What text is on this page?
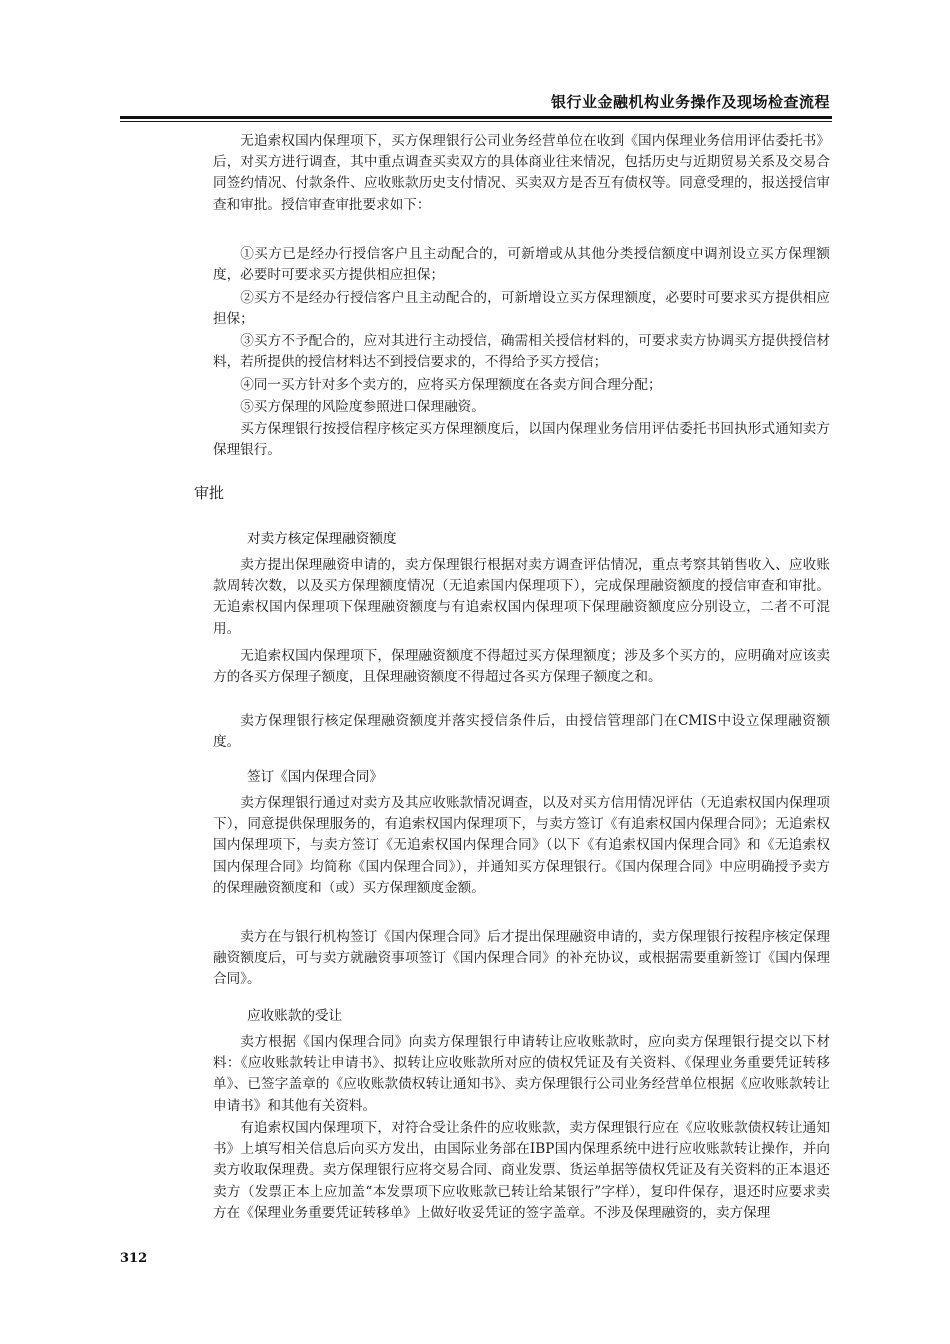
银行业金融机构业务操作及现场检查流程

无追索权国内保理项下，买方保理银行公司业务经营单位在收到《国内保理业务信用评估委托书》后，对买方进行调查，其中重点调查买卖双方的具体商业往来情况，包括历史与近期贸易关系及交易合同签约情况、付款条件、应收账款历史支付情况、买卖双方是否互有债权等。同意受理的，报送授信审查和审批。授信审查审批要求如下：

①买方已是经办行授信客户且主动配合的，可新增或从其他分类授信额度中调剂设立买方保理额度，必要时可要求买方提供相应担保；

②买方不是经办行授信客户且主动配合的，可新增设立买方保理额度，必要时可要求买方提供相应担保；

③买方不予配合的，应对其进行主动授信，确需相关授信材料的，可要求卖方协调买方提供授信材料，若所提供的授信材料达不到授信要求的，不得给予买方授信；

④同一买方针对多个卖方的，应将买方保理额度在各卖方间合理分配；

⑤买方保理的风险度参照进口保理融资。

买方保理银行按授信程序核定买方保理额度后，以国内保理业务信用评估委托书回执形式通知卖方保理银行。

审批
对卖方核定保理融资额度

卖方提出保理融资申请的，卖方保理银行根据对卖方调查评估情况，重点考察其销售收入、应收账款周转次数，以及买方保理额度情况（无追索国内保理项下），完成保理融资额度的授信审查和审批。无追索权国内保理项下保理融资额度与有追索权国内保理项下保理融资额度应分别设立，二者不可混用。

无追索权国内保理项下，保理融资额度不得超过买方保理额度；涉及多个买方的，应明确对应该卖方的各买方保理子额度，且保理融资额度不得超过各买方保理子额度之和。

卖方保理银行核定保理融资额度并落实授信条件后，由授信管理部门在CMIS中设立保理融资额度。

签订《国内保理合同》

卖方保理银行通过对卖方及其应收账款情况调查，以及对买方信用情况评估（无追索权国内保理项下），同意提供保理服务的，有追索权国内保理项下，与卖方签订《有追索权国内保理合同》；无追索权国内保理项下，与卖方签订《无追索权国内保理合同》（以下《有追索权国内保理合同》和《无追索权国内保理合同》均简称《国内保理合同》），并通知买方保理银行。《国内保理合同》中应明确授予卖方的保理融资额度和（或）买方保理额度金额。

卖方在与银行机构签订《国内保理合同》后才提出保理融资申请的，卖方保理银行按程序核定保理融资额度后，可与卖方就融资事项签订《国内保理合同》的补充协议，或根据需要重新签订《国内保理合同》。

应收账款的受让

卖方根据《国内保理合同》向卖方保理银行申请转让应收账款时，应向卖方保理银行提交以下材料：《应收账款转让申请书》、拟转让应收账款所对应的债权凭证及有关资料、《保理业务重要凭证转移单》、已签字盖章的《应收账款债权转让通知书》、卖方保理银行公司业务经营单位根据《应收账款转让申请书》和其他有关资料。

有追索权国内保理项下，对符合受让条件的应收账款，卖方保理银行应在《应收账款债权转让通知书》上填写相关信息后向买方发出，由国际业务部在IBP国内保理系统中进行应收账款转让操作，并向卖方收取保理费。卖方保理银行应将交易合同、商业发票、货运单据等债权凭证及有关资料的正本退还卖方（发票正本上应加盖“本发票项下应收账款已转让给某银行”字样），复印件保存，退还时应要求卖方在《保理业务重要凭证转移单》上做好收妥凭证的签字盖章。不涉及保理融资的，卖方保理

312
